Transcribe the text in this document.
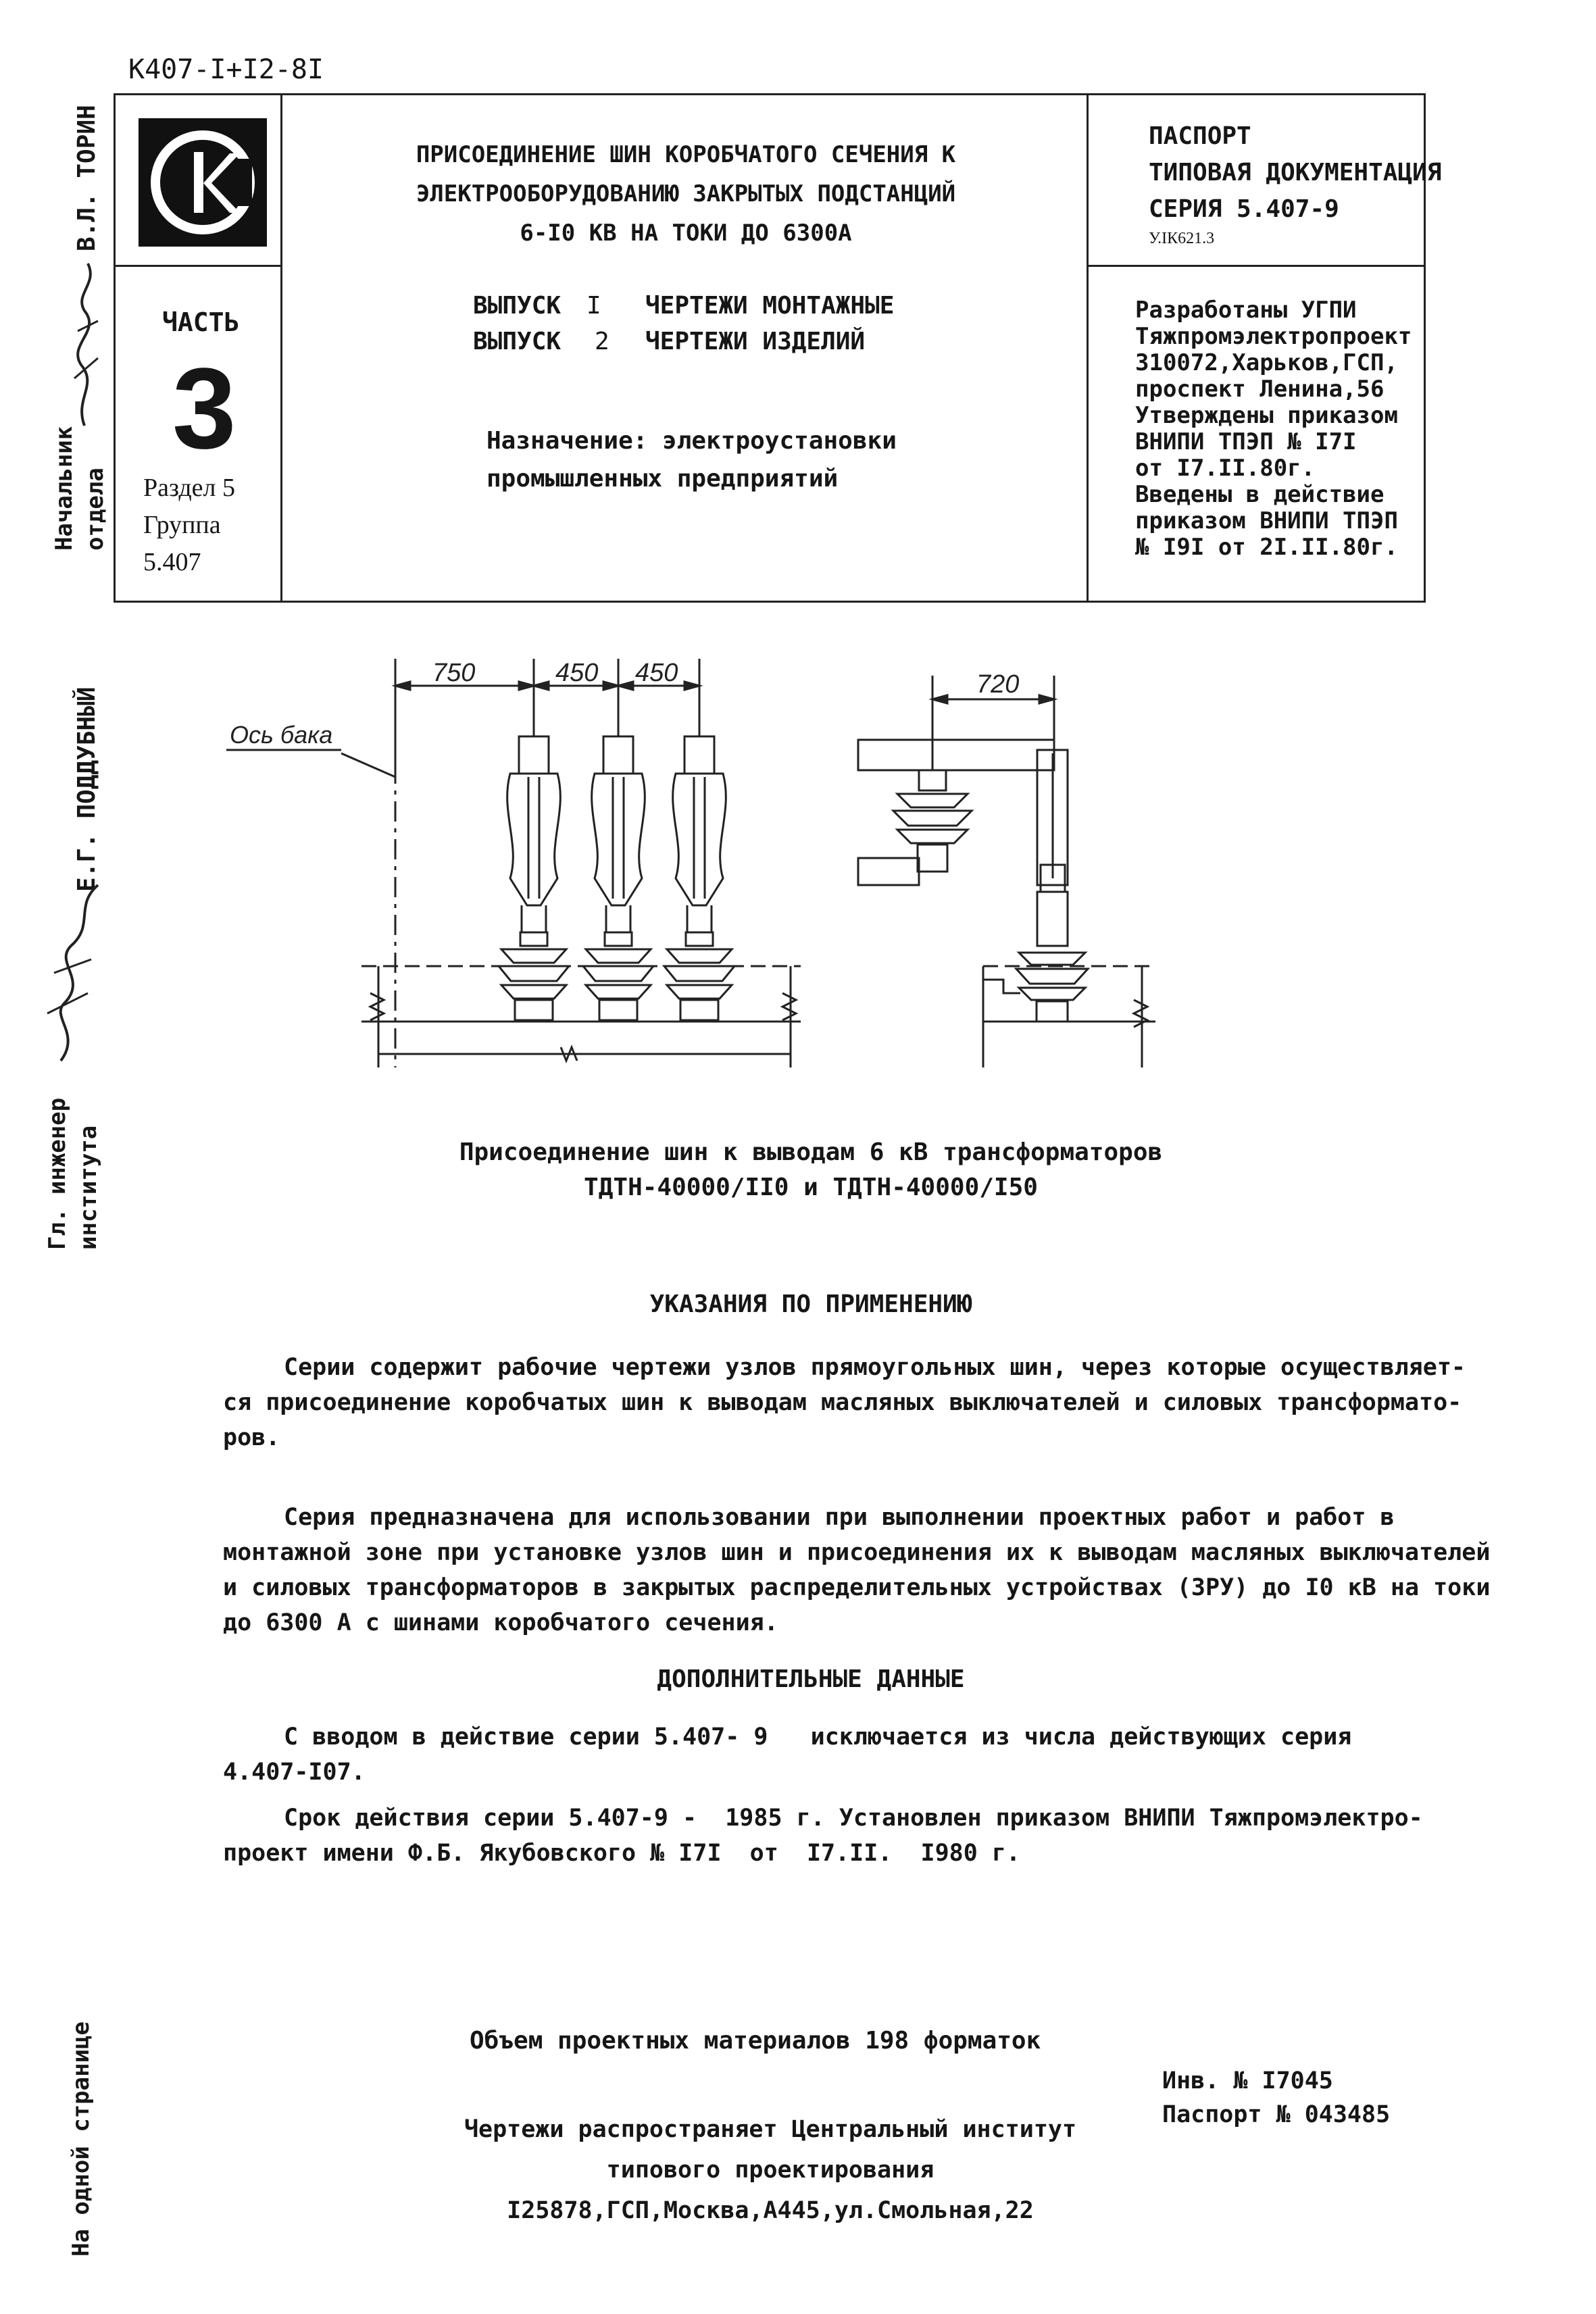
К407-I+I2-8I
Начальник
отдела
В.Л. ТОРИН
Е.Г. ПОДДУБНЫЙ
Гл. инженер
института
На одной странице
ЧАСТЬ
3
Раздел 5
Группа
5.407
ПРИСОЕДИНЕНИЕ ШИН КОРОБЧАТОГО СЕЧЕНИЯ К
ЭЛЕКТРООБОРУДОВАНИЮ ЗАКРЫТЫХ ПОДСТАНЦИЙ
6-I0 КВ НА ТОКИ ДО 6300А
ВЫПУСК I ЧЕРТЕЖИ МОНТАЖНЫЕ
ВЫПУСК 2 ЧЕРТЕЖИ ИЗДЕЛИЙ
Назначение: электроустановки
промышленных предприятий
ПАСПОРТ
ТИПОВАЯ ДОКУМЕНТАЦИЯ
СЕРИЯ 5.407-9
У.IК621.3
Разработаны УГПИ
Тяжпромэлектропроект
310072,Харьков,ГСП,
проспект Ленина,56
Утверждены приказом
ВНИПИ ТПЭП № I7I
от I7.II.80г.
Введены в действие
приказом ВНИПИ ТПЭП
№ I9I от 2I.II.80г.
750	450 450	720
Ось бака
Присоединение шин к выводам 6 кВ трансформаторов
ТДТН-40000/II0 и ТДТН-40000/I50
УКАЗАНИЯ ПО ПРИМЕНЕНИЮ
Серии содержит рабочие чертежи узлов прямоугольных шин, через которые осуществляет-
ся присоединение коробчатых шин к выводам масляных выключателей и силовых трансформато-
ров.
Серия предназначена для использовании при выполнении проектных работ и работ в
монтажной зоне при установке узлов шин и присоединения их к выводам масляных выключателей
и силовых трансформаторов в закрытых распределительных устройствах (ЗРУ) до I0 кВ на токи
до 6300 А с шинами коробчатого сечения.
ДОПОЛНИТЕЛЬНЫЕ ДАННЫЕ
С вводом в действие серии 5.407- 9   исключается из числа действующих серия
4.407-I07.
Срок действия серии 5.407-9 -  1985 г. Установлен приказом ВНИПИ Тяжпромэлектро-
проект имени Ф.Б. Якубовского № I7I  от  I7.II.  I980 г.
Объем проектных материалов 198 форматок
Чертежи распространяет Центральный институт
типового проектирования
I25878,ГСП,Москва,А445,ул.Смольная,22
Инв. № I7045
Паспорт № 043485
